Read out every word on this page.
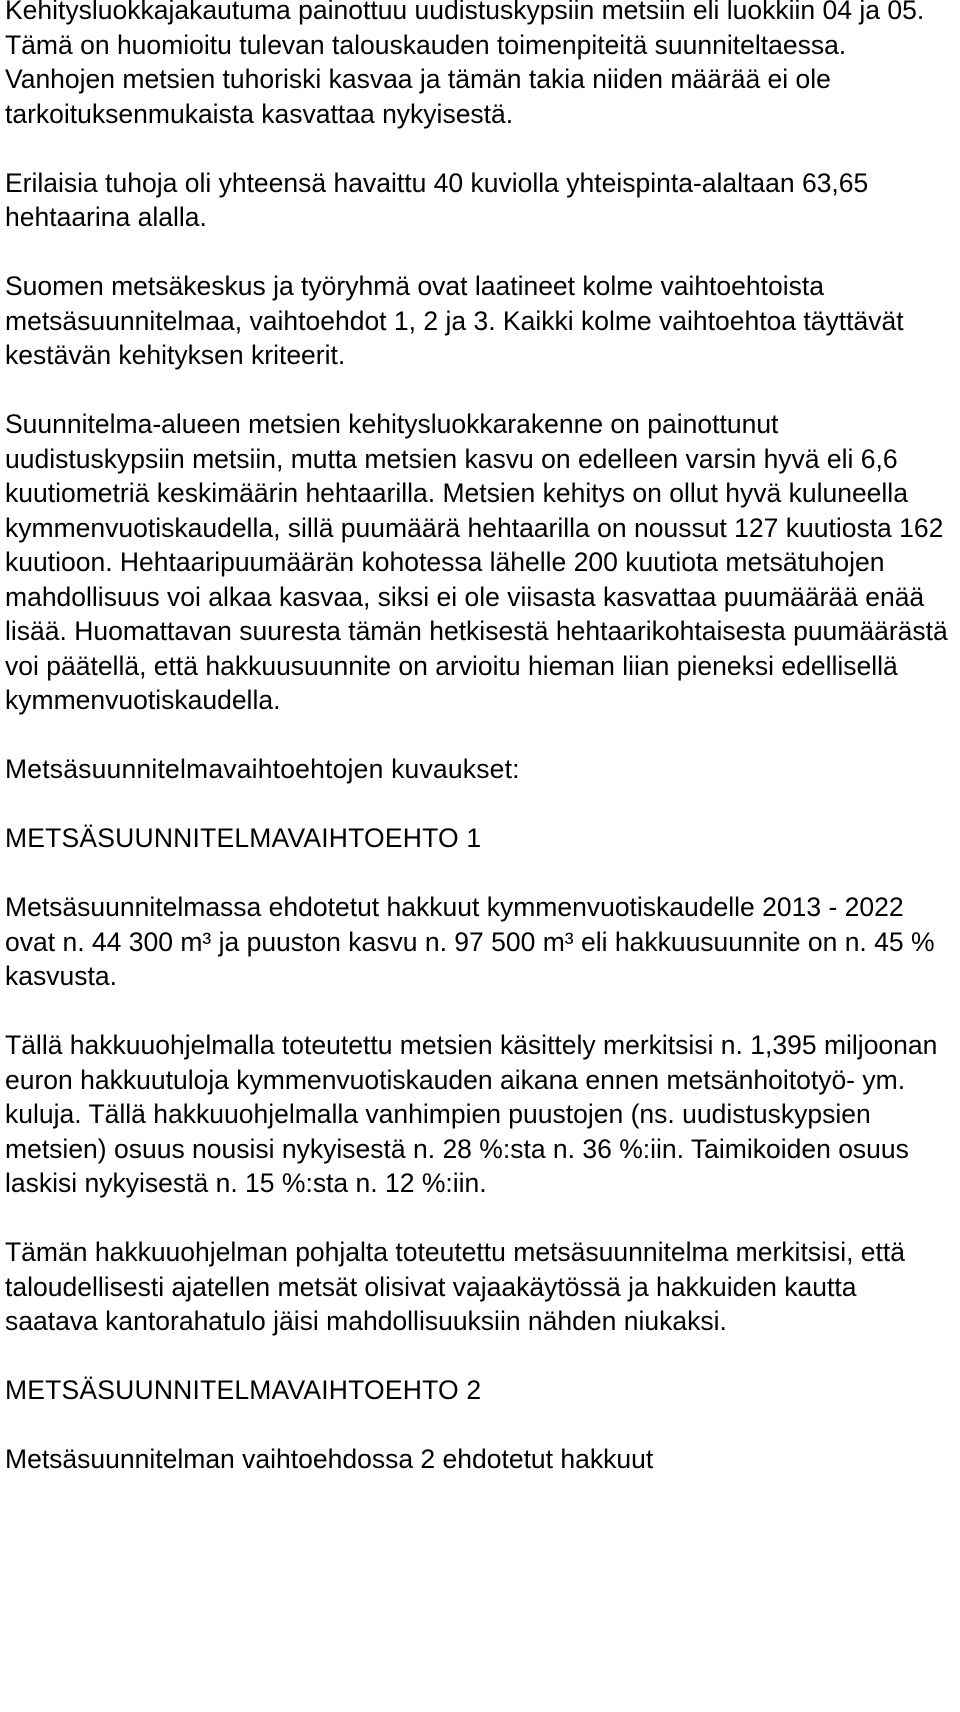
Kehitysluokkajakautuma painottuu uudistuskypsiin metsiin eli luokkiin 04 ja 05. Tämä on huomioitu tulevan talouskauden toimenpiteitä suunniteltaessa. Vanhojen metsien tuhoriski kasvaa ja tämän takia niiden määrää ei ole tarkoituksenmukaista kasvattaa nykyisestä.

Erilaisia tuhoja oli yhteensä havaittu 40 kuviolla yhteispinta-alaltaan 63,65 hehtaarina alalla.

Suomen metsäkeskus ja työryhmä ovat laatineet kolme vaihtoehtoista metsäsuunnitelmaa, vaihtoehdot 1, 2 ja 3. Kaikki kolme vaihtoehtoa täyttävät kestävän kehityksen kriteerit.

Suunnitelma-alueen metsien kehitysluokkarakenne on painottunut uudistuskypsiin metsiin, mutta metsien kasvu on edelleen varsin hyvä eli 6,6 kuutiometriä keskimäärin hehtaarilla. Metsien kehitys on ollut hyvä kuluneella kymmenvuotiskaudella, sillä puumäärä hehtaarilla on noussut 127 kuutiosta 162 kuutioon. Hehtaaripuumäärän kohotessa lähelle 200 kuutiota metsätuhojen mahdollisuus voi alkaa kasvaa, siksi ei ole viisasta kasvattaa puumäärää enää lisää. Huomattavan suuresta tämän hetkisestä hehtaarikohtaisesta puumäärästä voi päätellä, että hakkuusuunnite on arvioitu hieman liian pieneksi edellisellä kymmenvuotiskaudella.

Metsäsuunnitelmavaihtoehtojen kuvaukset:

METSÄSUUNNITELMAVAIHTOEHTO 1

Metsäsuunnitelmassa ehdotetut hakkuut kymmenvuotiskaudelle 2013 - 2022 ovat n. 44 300 m³ ja puuston kasvu n. 97 500 m³ eli hakkuusuunnite on n. 45 % kasvusta.

Tällä hakkuuohjelmalla toteutettu metsien käsittely merkitsisi n. 1,395 miljoonan euron hakkuutuloja kymmenvuotiskauden aikana ennen metsänhoitotyö- ym. kuluja. Tällä hakkuuohjelmalla vanhimpien puustojen (ns. uudistuskypsien metsien) osuus nousisi nykyisestä n. 28 %:sta n. 36 %:iin. Taimikoiden osuus laskisi nykyisestä n. 15 %:sta n. 12 %:iin.

Tämän hakkuuohjelman pohjalta toteutettu metsäsuunnitelma merkitsisi, että taloudellisesti ajatellen metsät olisivat vajaakäytössä ja hakkuiden kautta saatava kantorahatulo jäisi mahdollisuuksiin nähden niukaksi.

METSÄSUUNNITELMAVAIHTOEHTO 2

Metsäsuunnitelman vaihtoehdossa 2 ehdotetut hakkuut
